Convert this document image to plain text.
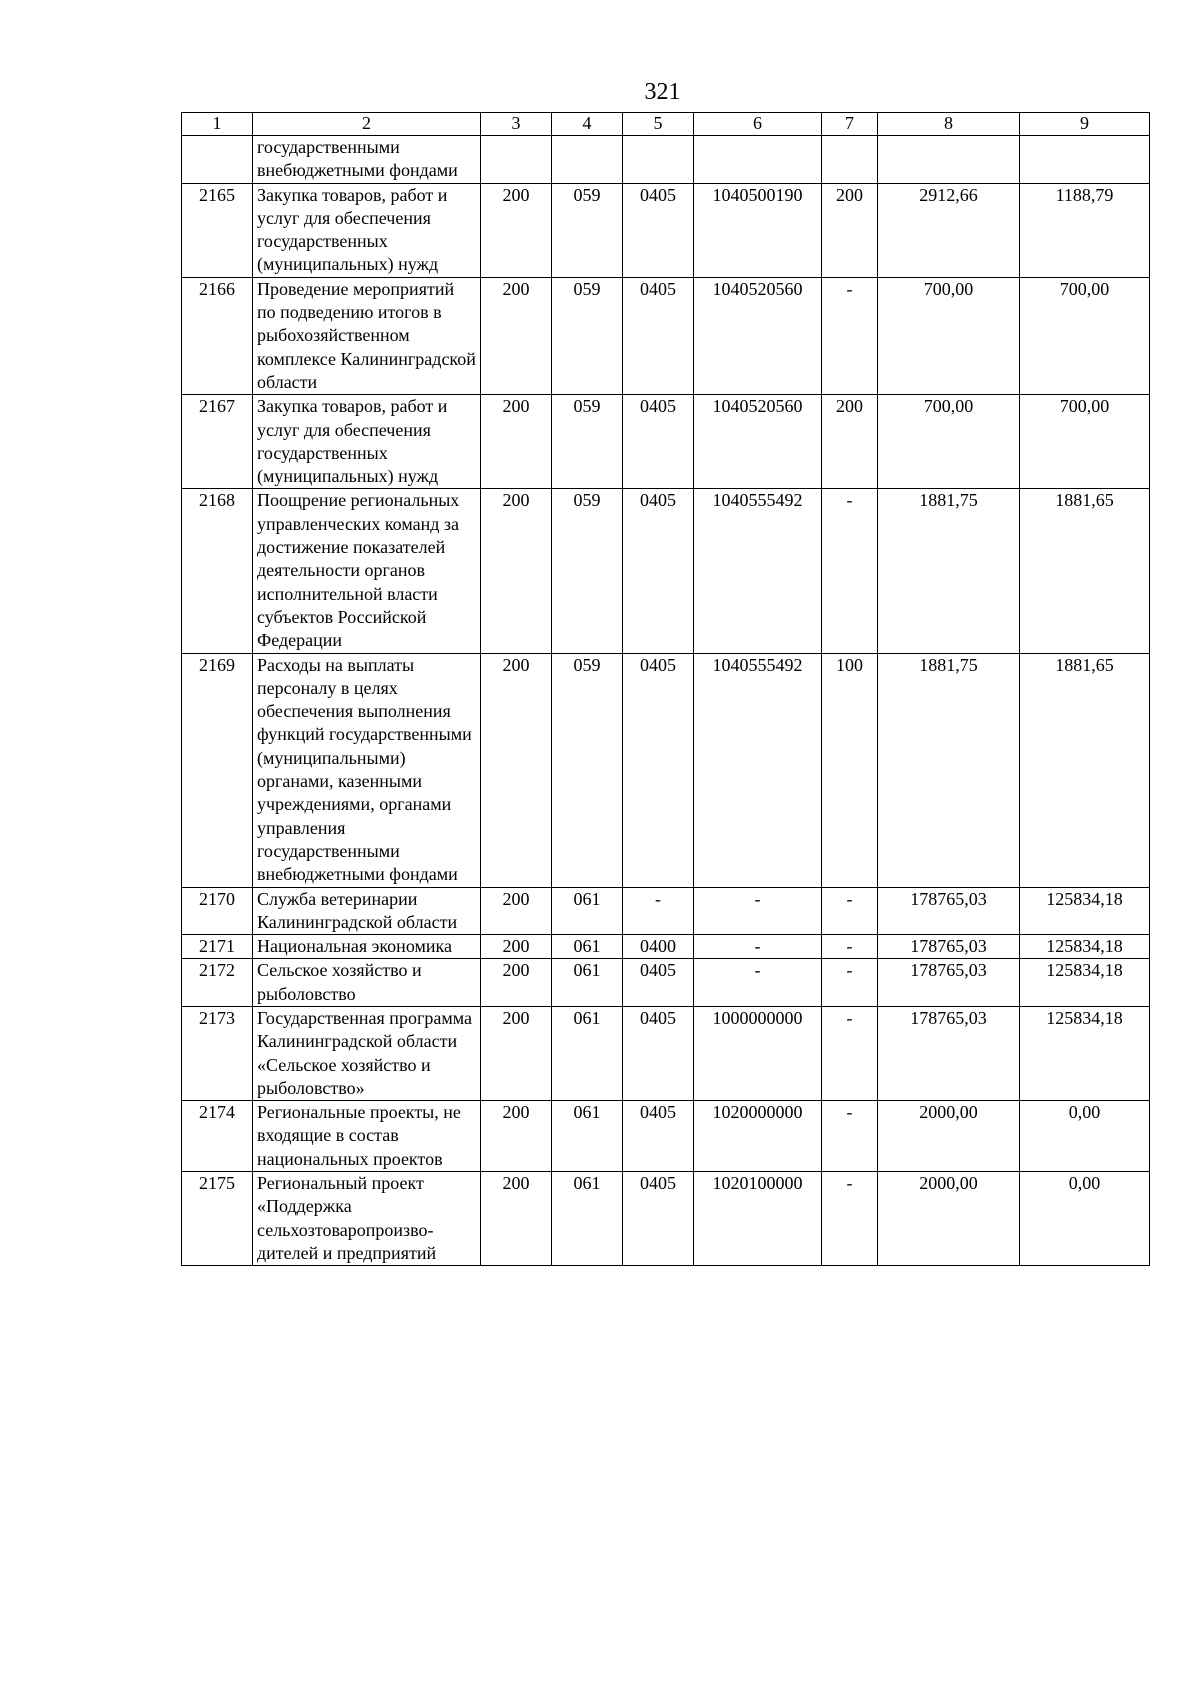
321
1	2	3	4	5	6	7	8	9
	государственными внебюджетными фондами							
2165	Закупка товаров, работ и услуг для обеспечения государственных (муниципальных) нужд	200	059	0405	1040500190	200	2912,66	1188,79
2166	Проведение мероприятий по подведению итогов в рыбохозяйственном комплексе Калининградской области	200	059	0405	1040520560	-	700,00	700,00
2167	Закупка товаров, работ и услуг для обеспечения государственных (муниципальных) нужд	200	059	0405	1040520560	200	700,00	700,00
2168	Поощрение региональных управленческих команд за достижение показателей деятельности органов исполнительной власти субъектов Российской Федерации	200	059	0405	1040555492	-	1881,75	1881,65
2169	Расходы на выплаты персоналу в целях обеспечения выполнения функций государственными (муниципальными) органами, казенными учреждениями, органами управления государственными внебюджетными фондами	200	059	0405	1040555492	100	1881,75	1881,65
2170	Служба ветеринарии Калининградской области	200	061	-	-	-	178765,03	125834,18
2171	Национальная экономика	200	061	0400	-	-	178765,03	125834,18
2172	Сельское хозяйство и рыболовство	200	061	0405	-	-	178765,03	125834,18
2173	Государственная программа Калининградской области «Сельское хозяйство и рыболовство»	200	061	0405	1000000000	-	178765,03	125834,18
2174	Региональные проекты, не входящие в состав национальных проектов	200	061	0405	1020000000	-	2000,00	0,00
2175	Региональный проект «Поддержка сельхозтоваропроизво-дителей и предприятий	200	061	0405	1020100000	-	2000,00	0,00
